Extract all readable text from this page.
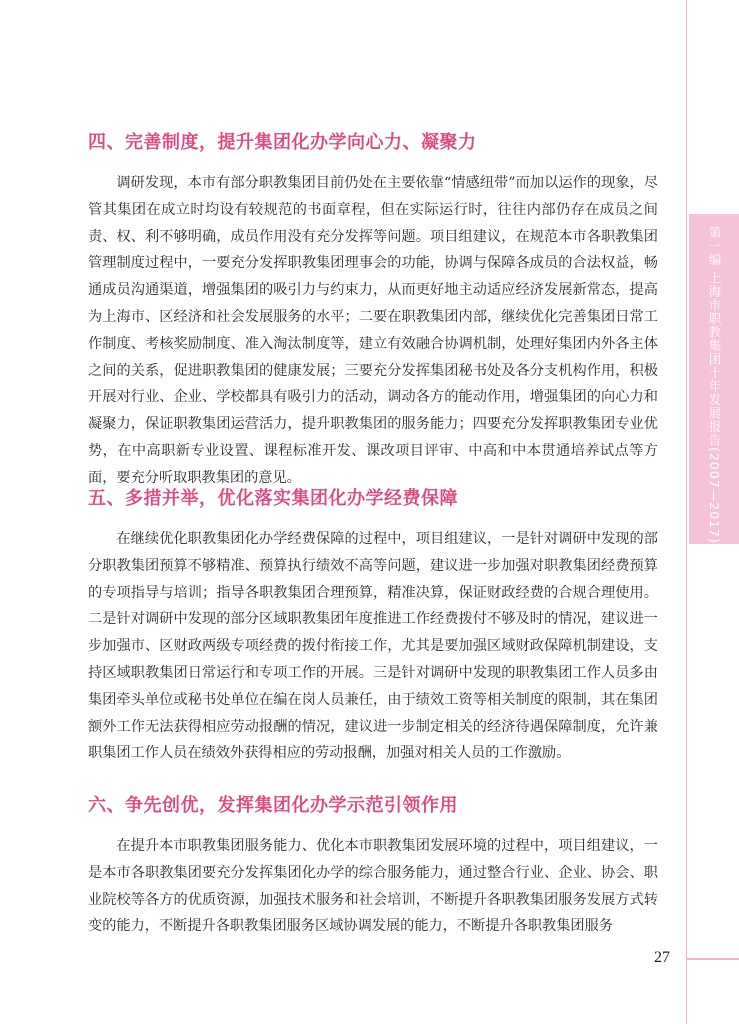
第一编 上海市职教集团十年发展报告(2007—2017)
四、完善制度，提升集团化办学向心力、凝聚力

调研发现，本市有部分职教集团目前仍处在主要依靠“情感纽带”而加以运作的现象，尽管其集团在成立时均设有较规范的书面章程，但在实际运行时，往往内部仍存在成员之间责、权、利不够明确，成员作用没有充分发挥等问题。项目组建议，在规范本市各职教集团管理制度过程中，一要充分发挥职教集团理事会的功能，协调与保障各成员的合法权益，畅通成员沟通渠道，增强集团的吸引力与约束力，从而更好地主动适应经济发展新常态，提高为上海市、区经济和社会发展服务的水平；二要在职教集团内部，继续优化完善集团日常工作制度、考核奖励制度、准入淘汰制度等，建立有效融合协调机制，处理好集团内外各主体之间的关系，促进职教集团的健康发展；三要充分发挥集团秘书处及各分支机构作用，积极开展对行业、企业、学校都具有吸引力的活动，调动各方的能动作用，增强集团的向心力和凝聚力，保证职教集团运营活力，提升职教集团的服务能力；四要充分发挥职教集团专业优势，在中高职新专业设置、课程标准开发、课改项目评审、中高和中本贯通培养试点等方面，要充分听取职教集团的意见。

五、多措并举，优化落实集团化办学经费保障

在继续优化职教集团化办学经费保障的过程中，项目组建议，一是针对调研中发现的部分职教集团预算不够精准、预算执行绩效不高等问题，建议进一步加强对职教集团经费预算的专项指导与培训；指导各职教集团合理预算，精准决算，保证财政经费的合规合理使用。二是针对调研中发现的部分区域职教集团年度推进工作经费拨付不够及时的情况，建议进一步加强市、区财政两级专项经费的拨付衔接工作，尤其是要加强区域财政保障机制建设，支持区域职教集团日常运行和专项工作的开展。三是针对调研中发现的职教集团工作人员多由集团牵头单位或秘书处单位在编在岗人员兼任，由于绩效工资等相关制度的限制，其在集团额外工作无法获得相应劳动报酬的情况，建议进一步制定相关的经济待遇保障制度，允许兼职集团工作人员在绩效外获得相应的劳动报酬，加强对相关人员的工作激励。

六、争先创优，发挥集团化办学示范引领作用

在提升本市职教集团服务能力、优化本市职教集团发展环境的过程中，项目组建议，一是本市各职教集团要充分发挥集团化办学的综合服务能力，通过整合行业、企业、协会、职业院校等各方的优质资源，加强技术服务和社会培训，不断提升各职教集团服务发展方式转变的能力，不断提升各职教集团服务区域协调发展的能力，不断提升各职教集团服务

27
